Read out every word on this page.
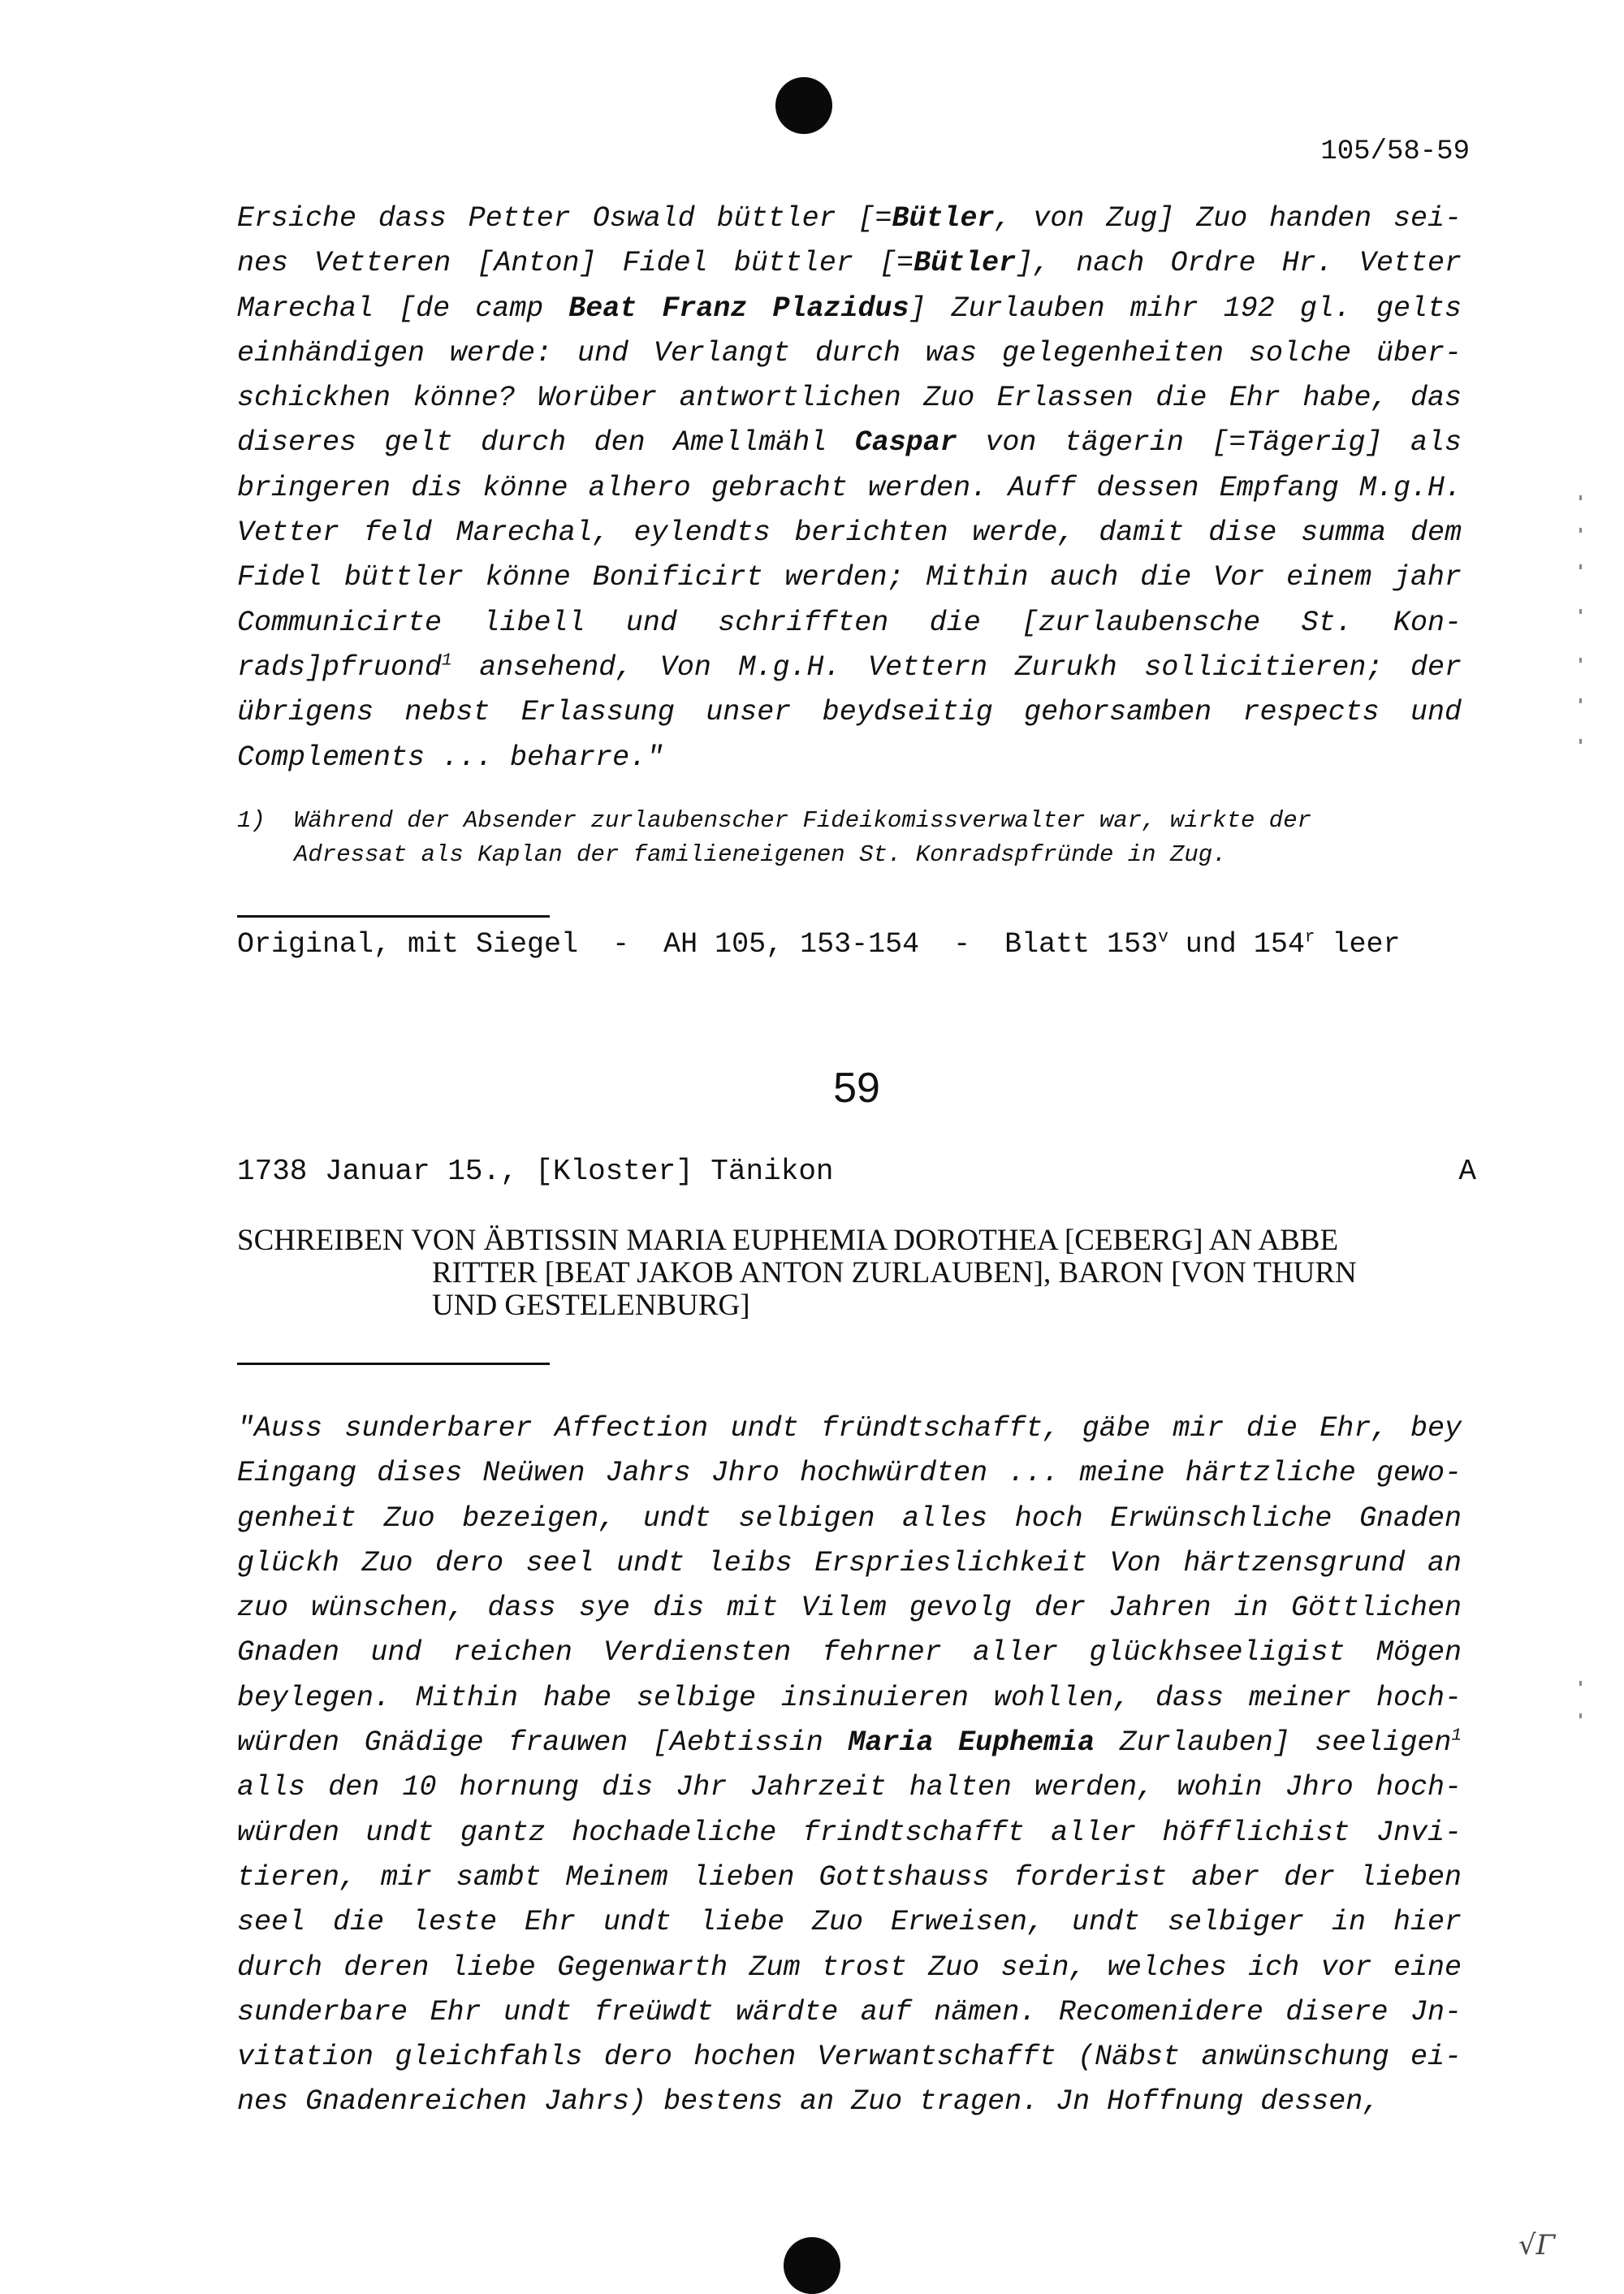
105/58-59
Ersiche dass Petter Oswald büttler [=Bütler, von Zug] Zuo handen sei-
nes Vetteren [Anton] Fidel büttler [=Bütler], nach Ordre Hr. Vetter
Marechal [de camp Beat Franz Plazidus] Zurlauben mihr 192 gl. gelts
einhändigen werde: und Verlangt durch was gelegenheiten solche über-
schickhen könne? Worüber antwortlichen Zuo Erlassen die Ehr habe, das
diseres gelt durch den Amellmähl Caspar von tägerin [=Tägerig] als
bringeren dis könne alhero gebracht werden. Auff dessen Empfang M.g.H.
Vetter feld Marechal, eylendts berichten werde, damit dise summa dem
Fidel büttler könne Bonificirt werden; Mithin auch die Vor einem jahr
Communicirte libell und schrifften die [zurlaubensche St. Kon-
rads]pfruond$^1$ ansehend, Von M.g.H. Vettern Zurukh sollicitieren; der
übrigens nebst Erlassung unser beydseitig gehorsamben respects und
Complements ... beharre."
1) Während der Absender zurlaubenscher Fideikomissverwalter war, wirkte der
Adressat als Kaplan der familieneigenen St. Konradspfründe in Zug.
Original, mit Siegel  -  AH 105, 153-154  -  Blatt 153$^v$ und 154$^r$ leer
59
1738 Januar 15., [Kloster] Tänikon	A
SCHREIBEN VON ÄBTISSIN MARIA EUPHEMIA DOROTHEA [CEBERG] AN ABBE
RITTER [BEAT JAKOB ANTON ZURLAUBEN], BARON [VON THURN
UND GESTELENBURG]
"Auss sunderbarer Affection undt fründtschafft, gäbe mir die Ehr, bey
Eingang dises Neüwen Jahrs Jhro hochwürdten ... meine härtzliche gewo-
genheit Zuo bezeigen, undt selbigen alles hoch Erwünschliche Gnaden
glückh Zuo dero seel undt leibs Ersprieslichkeit Von härtzensgrund an
zuo wünschen, dass sye dis mit Vilem gevolg der Jahren in Göttlichen
Gnaden und reichen Verdiensten fehrner aller glückhseeligist Mögen
beylegen. Mithin habe selbige insinuieren wohllen, dass meiner hoch-
würden Gnädige frauwen [Aebtissin Maria Euphemia Zurlauben] seeligen$^1$
alls den 10 hornung dis Jhr Jahrzeit halten werden, wohin Jhro hoch-
würden undt gantz hochadeliche frindtschafft aller höfflichist Jnvi-
tieren, mir sambt Meinem lieben Gottshauss forderist aber der lieben
seel die leste Ehr undt liebe Zuo Erweisen, undt selbiger in hier
durch deren liebe Gegenwarth Zum trost Zuo sein, welches ich vor eine
sunderbare Ehr undt freüwdt wärdte auf nämen. Recomenidere disere Jn-
vitation gleichfahls dero hochen Verwantschafft (Näbst anwünschung ei-
nes Gnadenreichen Jahrs) bestens an Zuo tragen. Jn Hoffnung dessen,
√Γ
